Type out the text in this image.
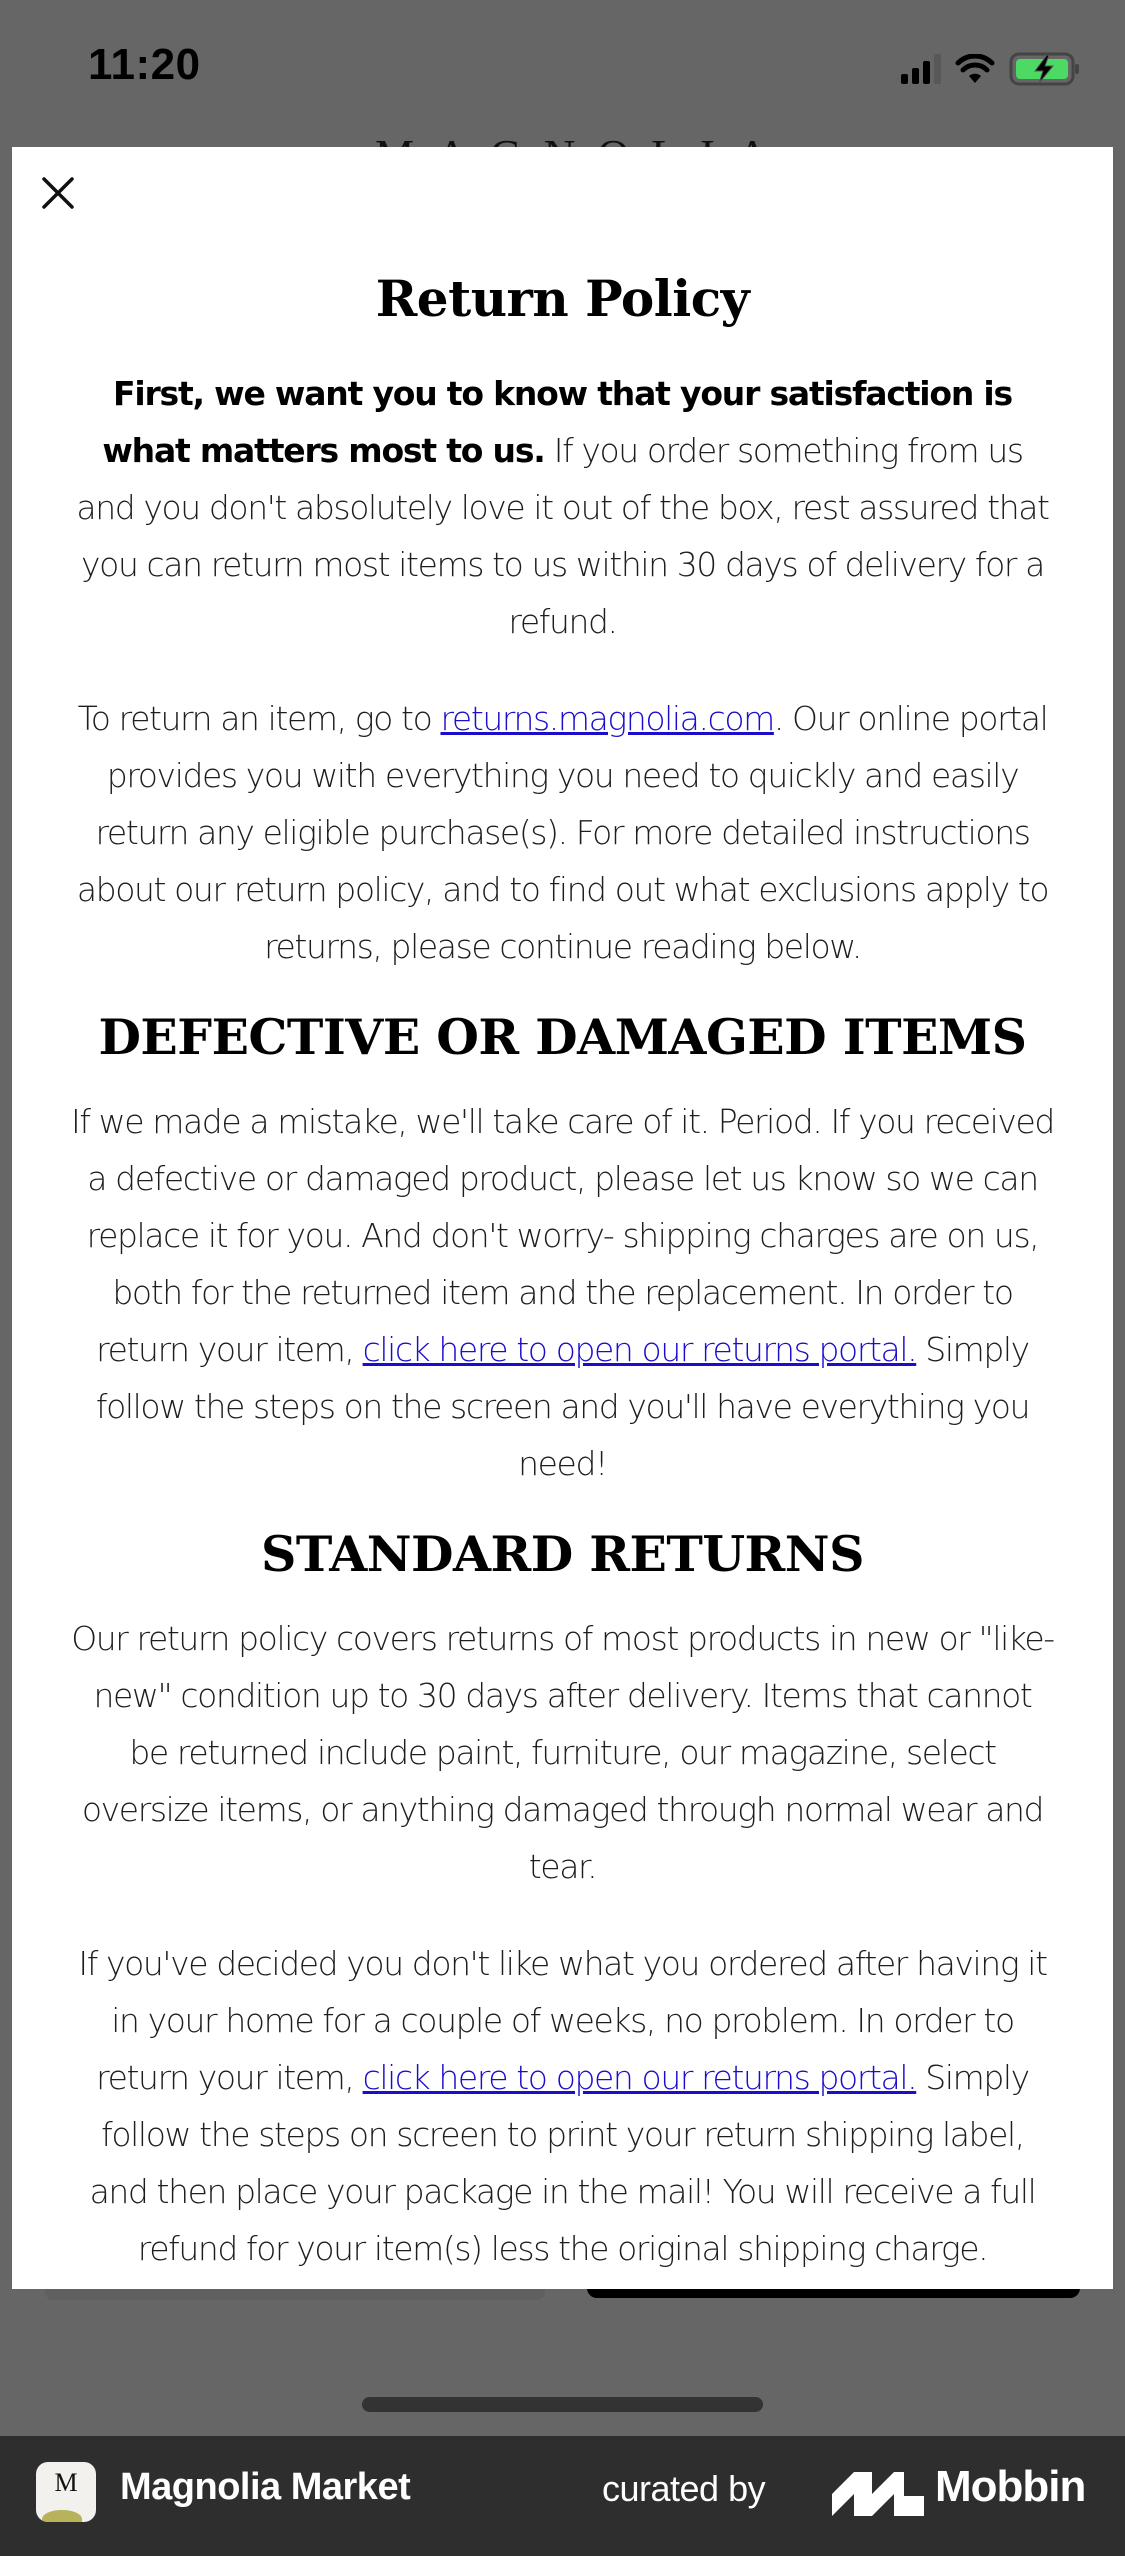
11:20
Return Policy

First, we want you to know that your satisfaction is what matters most to us. If you order something from us and you don't absolutely love it out of the box, rest assured that you can return most items to us within 30 days of delivery for a refund.

To return an item, go to returns.magnolia.com. Our online portal provides you with everything you need to quickly and easily return any eligible purchase(s). For more detailed instructions about our return policy, and to find out what exclusions apply to returns, please continue reading below.

DEFECTIVE OR DAMAGED ITEMS

If we made a mistake, we'll take care of it. Period. If you received a defective or damaged product, please let us know so we can replace it for you. And don't worry- shipping charges are on us, both for the returned item and the replacement. In order to return your item, click here to open our returns portal. Simply follow the steps on the screen and you'll have everything you need!

STANDARD RETURNS

Our return policy covers returns of most products in new or "like-new" condition up to 30 days after delivery. Items that cannot be returned include paint, furniture, our magazine, select oversize items, or anything damaged through normal wear and tear.

If you've decided you don't like what you ordered after having it in your home for a couple of weeks, no problem. In order to return your item, click here to open our returns portal. Simply follow the steps on screen to print your return shipping label, and then place your package in the mail! You will receive a full refund for your item(s) less the original shipping charge.

M	Magnolia Market	curated by	Mobbin
